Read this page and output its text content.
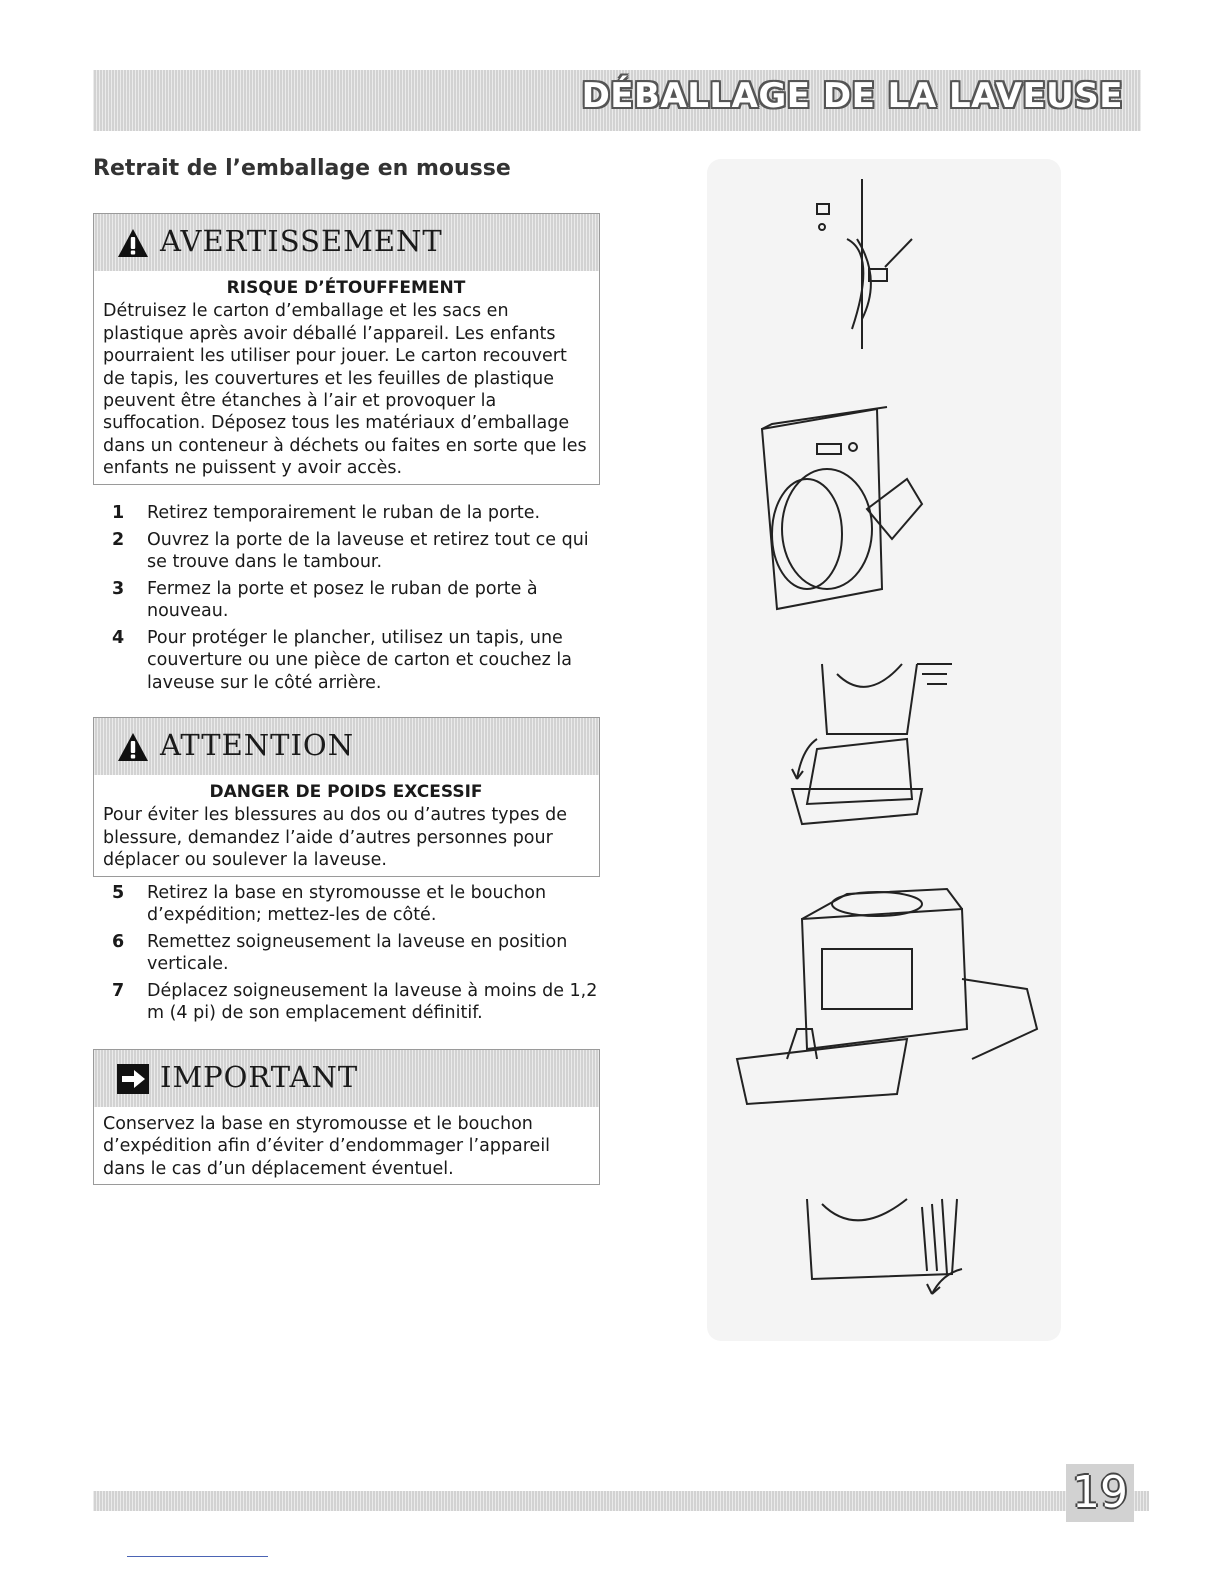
DÉBALLAGE DE LA LAVEUSE
Retrait de l’emballage en mousse
AVERTISSEMENT
RISQUE D’ÉTOUFFEMENT
Détruisez le carton d’emballage et les sacs en plastique après avoir déballé l’appareil. Les enfants pourraient les utiliser pour jouer. Le carton recouvert de tapis, les couvertures et les feuilles de plastique peuvent être étanches à l’air et provoquer la suffocation. Déposez tous les matériaux d’emballage dans un conteneur à déchets ou faites en sorte que les enfants ne puissent y avoir accès.
1 Retirez temporairement le ruban de la porte.
2 Ouvrez la porte de la laveuse et retirez tout ce qui se trouve dans le tambour.
3 Fermez la porte et posez le ruban de porte à nouveau.
4 Pour protéger le plancher, utilisez un tapis, une couverture ou une pièce de carton et couchez la laveuse sur le côté arrière.
ATTENTION
DANGER DE POIDS EXCESSIF
Pour éviter les blessures au dos ou d’autres types de blessure, demandez l’aide d’autres personnes pour déplacer ou soulever la laveuse.
5 Retirez la base en styromousse et le bouchon d’expédition; mettez-les de côté.
6 Remettez soigneusement la laveuse en position verticale.
7 Déplacez soigneusement la laveuse à moins de 1,2 m (4 pi) de son emplacement définitif.
IMPORTANT
Conservez la base en styromousse et le bouchon d’expédition afin d’éviter d’endommager l’appareil dans le cas d’un déplacement éventuel.
19
